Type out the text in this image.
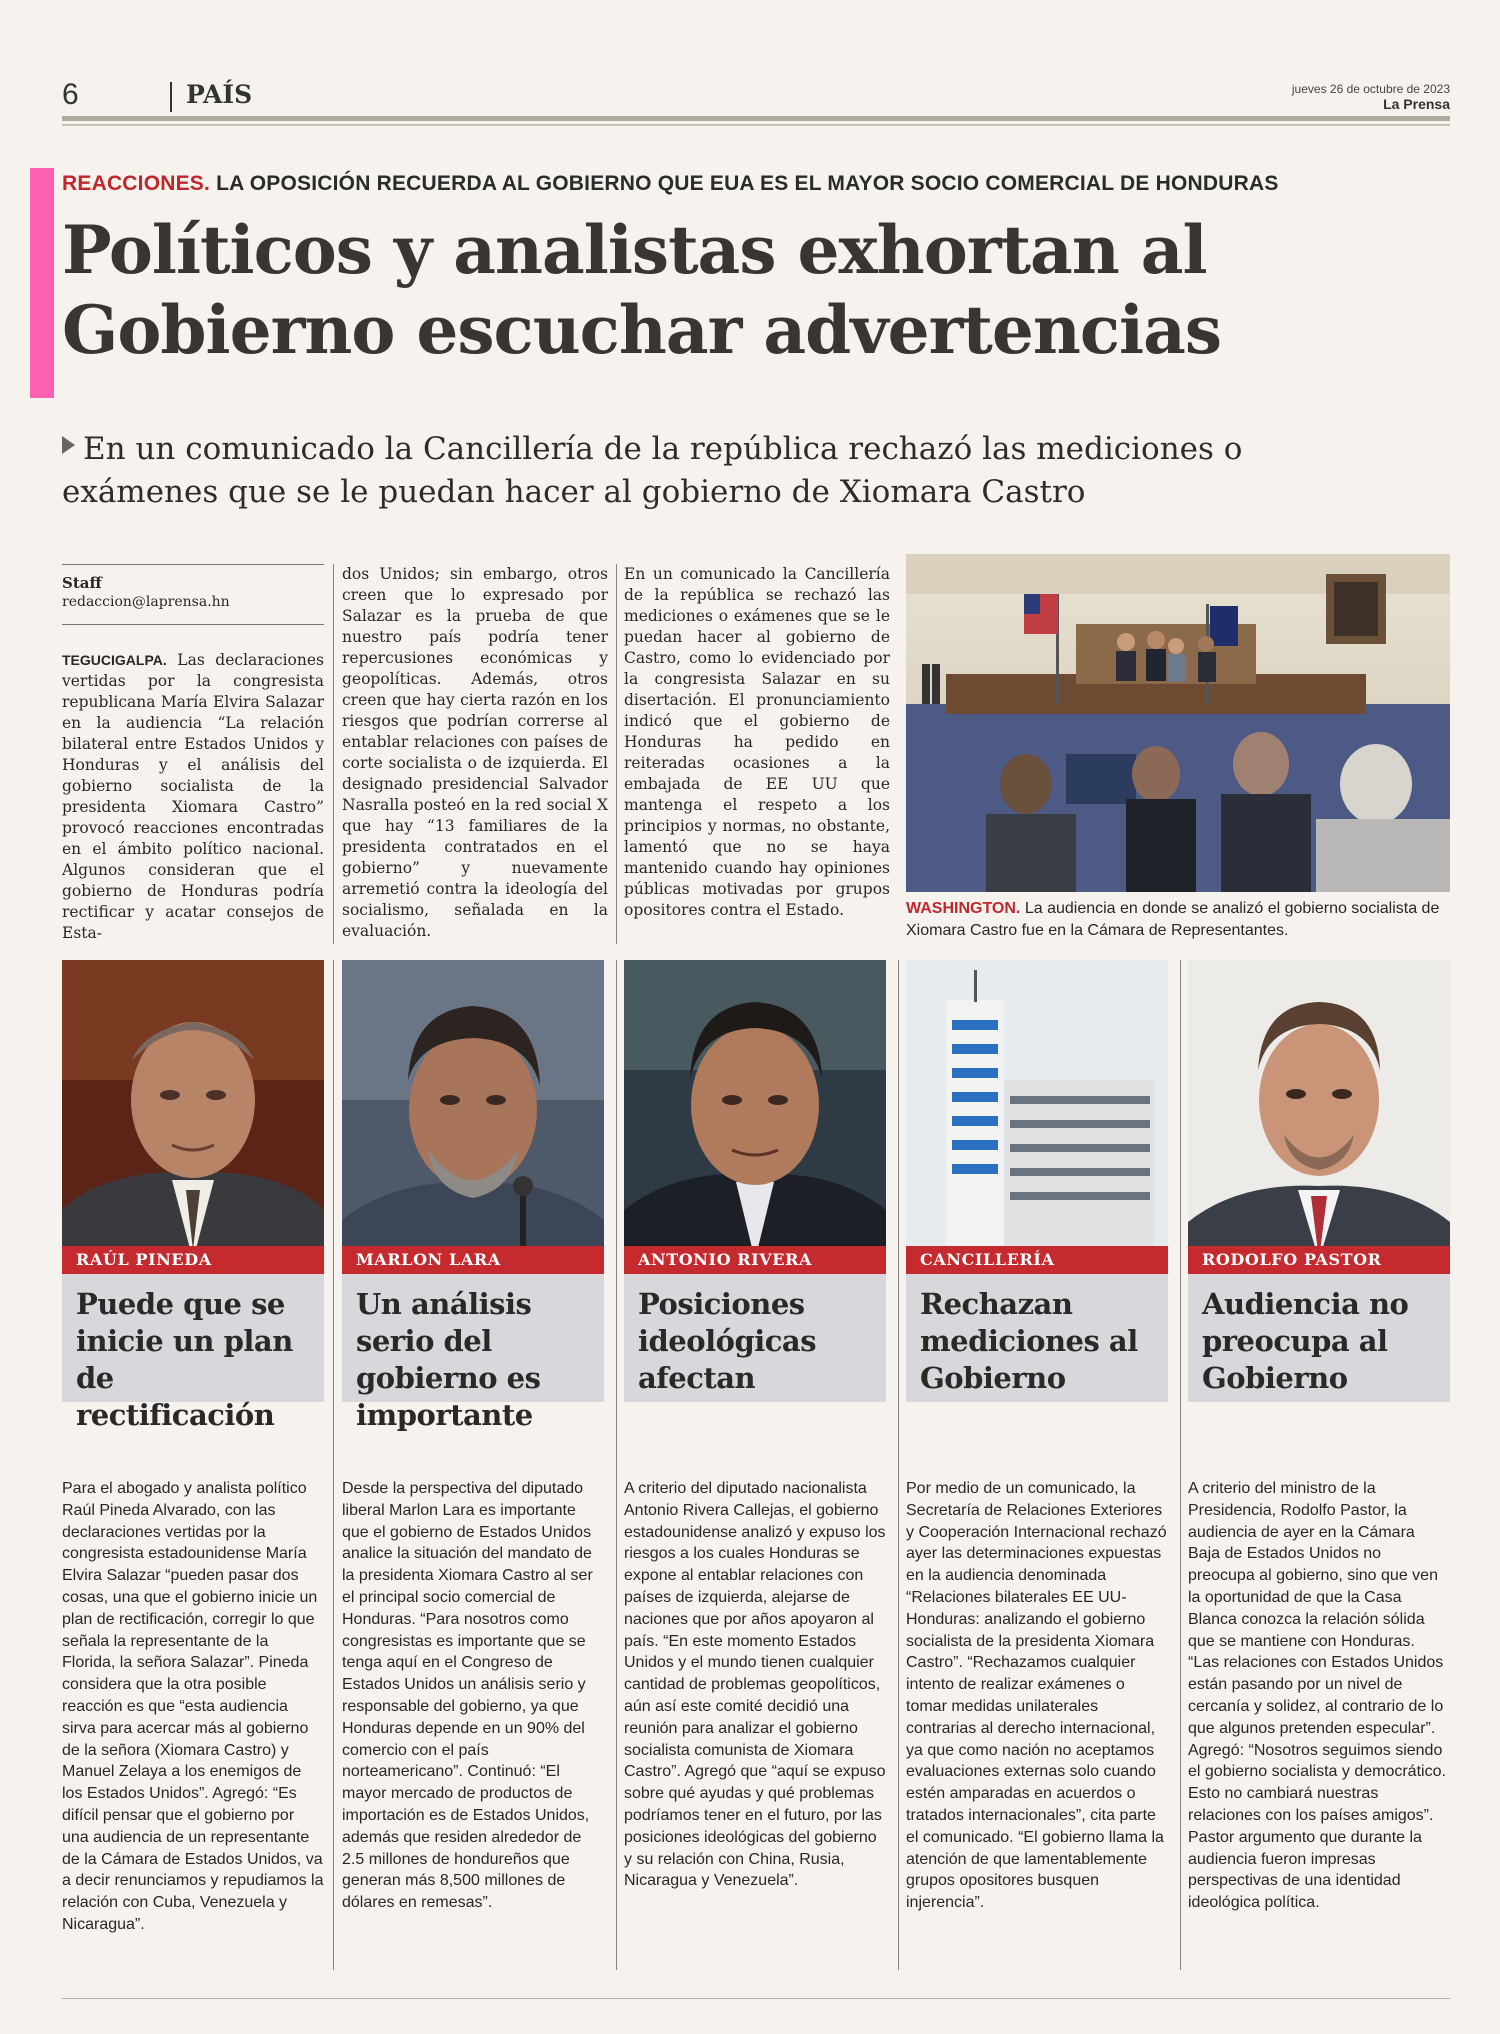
6	PAÍS	jueves 26 de octubre de 2023
La Prensa
REACCIONES. LA OPOSICIÓN RECUERDA AL GOBIERNO QUE EUA ES EL MAYOR SOCIO COMERCIAL DE HONDURAS
Políticos y analistas exhortan al
Gobierno escuchar advertencias
En un comunicado la Cancillería de la república rechazó las mediciones o
exámenes que se le puedan hacer al gobierno de Xiomara Castro
Staff
redaccion@laprensa.hn
TEGUCIGALPA. Las declaraciones vertidas por la congresista republicana María Elvira Salazar en la audiencia “La relación bilateral entre Estados Unidos y Honduras y el análisis del gobierno socialista de la presidenta Xiomara Castro” provocó reacciones encontradas en el ámbito político nacional. Algunos consideran que el gobierno de Honduras podría rectificar y acatar consejos de Esta-
dos Unidos; sin embargo, otros creen que lo expresado por Salazar es la prueba de que nuestro país podría tener repercusiones económicas y geopolíticas. Además, otros creen que hay cierta razón en los riesgos que podrían correrse al entablar relaciones con países de corte socialista o de izquierda. El designado presidencial Salvador Nasralla posteó en la red social X que hay “13 familiares de la presidenta contratados en el gobierno” y nuevamente arremetió contra la ideología del socialismo, señalada en la evaluación.
En un comunicado la Cancillería de la república se rechazó las mediciones o exámenes que se le puedan hacer al gobierno de Castro, como lo evidenciado por la congresista Salazar en su disertación. El pronunciamiento indicó que el gobierno de Honduras ha pedido en reiteradas ocasiones a la embajada de EE UU que mantenga el respeto a los principios y normas, no obstante, lamentó que no se haya mantenido cuando hay opiniones públicas motivadas por grupos opositores contra el Estado.	WASHINGTON. La audiencia en donde se analizó el gobierno socialista de Xiomara Castro fue en la Cámara de Representantes.
RAÚL PINEDA
Puede que se inicie un plan de rectificación
Para el abogado y analista político Raúl Pineda Alvarado, con las declaraciones vertidas por la congresista estadounidense María Elvira Salazar “pueden pasar dos cosas, una que el gobierno inicie un plan de rectificación, corregir lo que señala la representante de la Florida, la señora Salazar”. Pineda considera que la otra posible reacción es que “esta audiencia sirva para acercar más al gobierno de la señora (Xiomara Castro) y Manuel Zelaya a los enemigos de los Estados Unidos”. Agregó: “Es difícil pensar que el gobierno por una audiencia de un representante de la Cámara de Estados Unidos, va a decir renunciamos y repudiamos la relación con Cuba, Venezuela y Nicaragua”.
MARLON LARA
Un análisis serio del gobierno es importante
Desde la perspectiva del diputado liberal Marlon Lara es importante que el gobierno de Estados Unidos analice la situación del mandato de la presidenta Xiomara Castro al ser el principal socio comercial de Honduras. “Para nosotros como congresistas es importante que se tenga aquí en el Congreso de Estados Unidos un análisis serio y responsable del gobierno, ya que Honduras depende en un 90% del comercio con el país norteamericano”. Continuó: “El mayor mercado de productos de importación es de Estados Unidos, además que residen alrededor de 2.5 millones de hondureños que generan más 8,500 millones de dólares en remesas”.
ANTONIO RIVERA
Posiciones ideológicas afectan
A criterio del diputado nacionalista Antonio Rivera Callejas, el gobierno estadounidense analizó y expuso los riesgos a los cuales Honduras se expone al entablar relaciones con países de izquierda, alejarse de naciones que por años apoyaron al país. “En este momento Estados Unidos y el mundo tienen cualquier cantidad de problemas geopolíticos, aún así este comité decidió una reunión para analizar el gobierno socialista comunista de Xiomara Castro”. Agregó que “aquí se expuso sobre qué ayudas y qué problemas podríamos tener en el futuro, por las posiciones ideológicas del gobierno y su relación con China, Rusia, Nicaragua y Venezuela”.
CANCILLERÍA
Rechazan mediciones al Gobierno
Por medio de un comunicado, la Secretaría de Relaciones Exteriores y Cooperación Internacional rechazó ayer las determinaciones expuestas en la audiencia denominada “Relaciones bilaterales EE UU-Honduras: analizando el gobierno socialista de la presidenta Xiomara Castro”. “Rechazamos cualquier intento de realizar exámenes o tomar medidas unilaterales contrarias al derecho internacional, ya que como nación no aceptamos evaluaciones externas solo cuando estén amparadas en acuerdos o tratados internacionales”, cita parte el comunicado. “El gobierno llama la atención de que lamentablemente grupos opositores busquen injerencia”.
RODOLFO PASTOR
Audiencia no preocupa al Gobierno
A criterio del ministro de la Presidencia, Rodolfo Pastor, la audiencia de ayer en la Cámara Baja de Estados Unidos no preocupa al gobierno, sino que ven la oportunidad de que la Casa Blanca conozca la relación sólida que se mantiene con Honduras. “Las relaciones con Estados Unidos están pasando por un nivel de cercanía y solidez, al contrario de lo que algunos pretenden especular”. Agregó: “Nosotros seguimos siendo el gobierno socialista y democrático. Esto no cambiará nuestras relaciones con los países amigos”. Pastor argumento que durante la audiencia fueron impresas perspectivas de una identidad ideológica política.
